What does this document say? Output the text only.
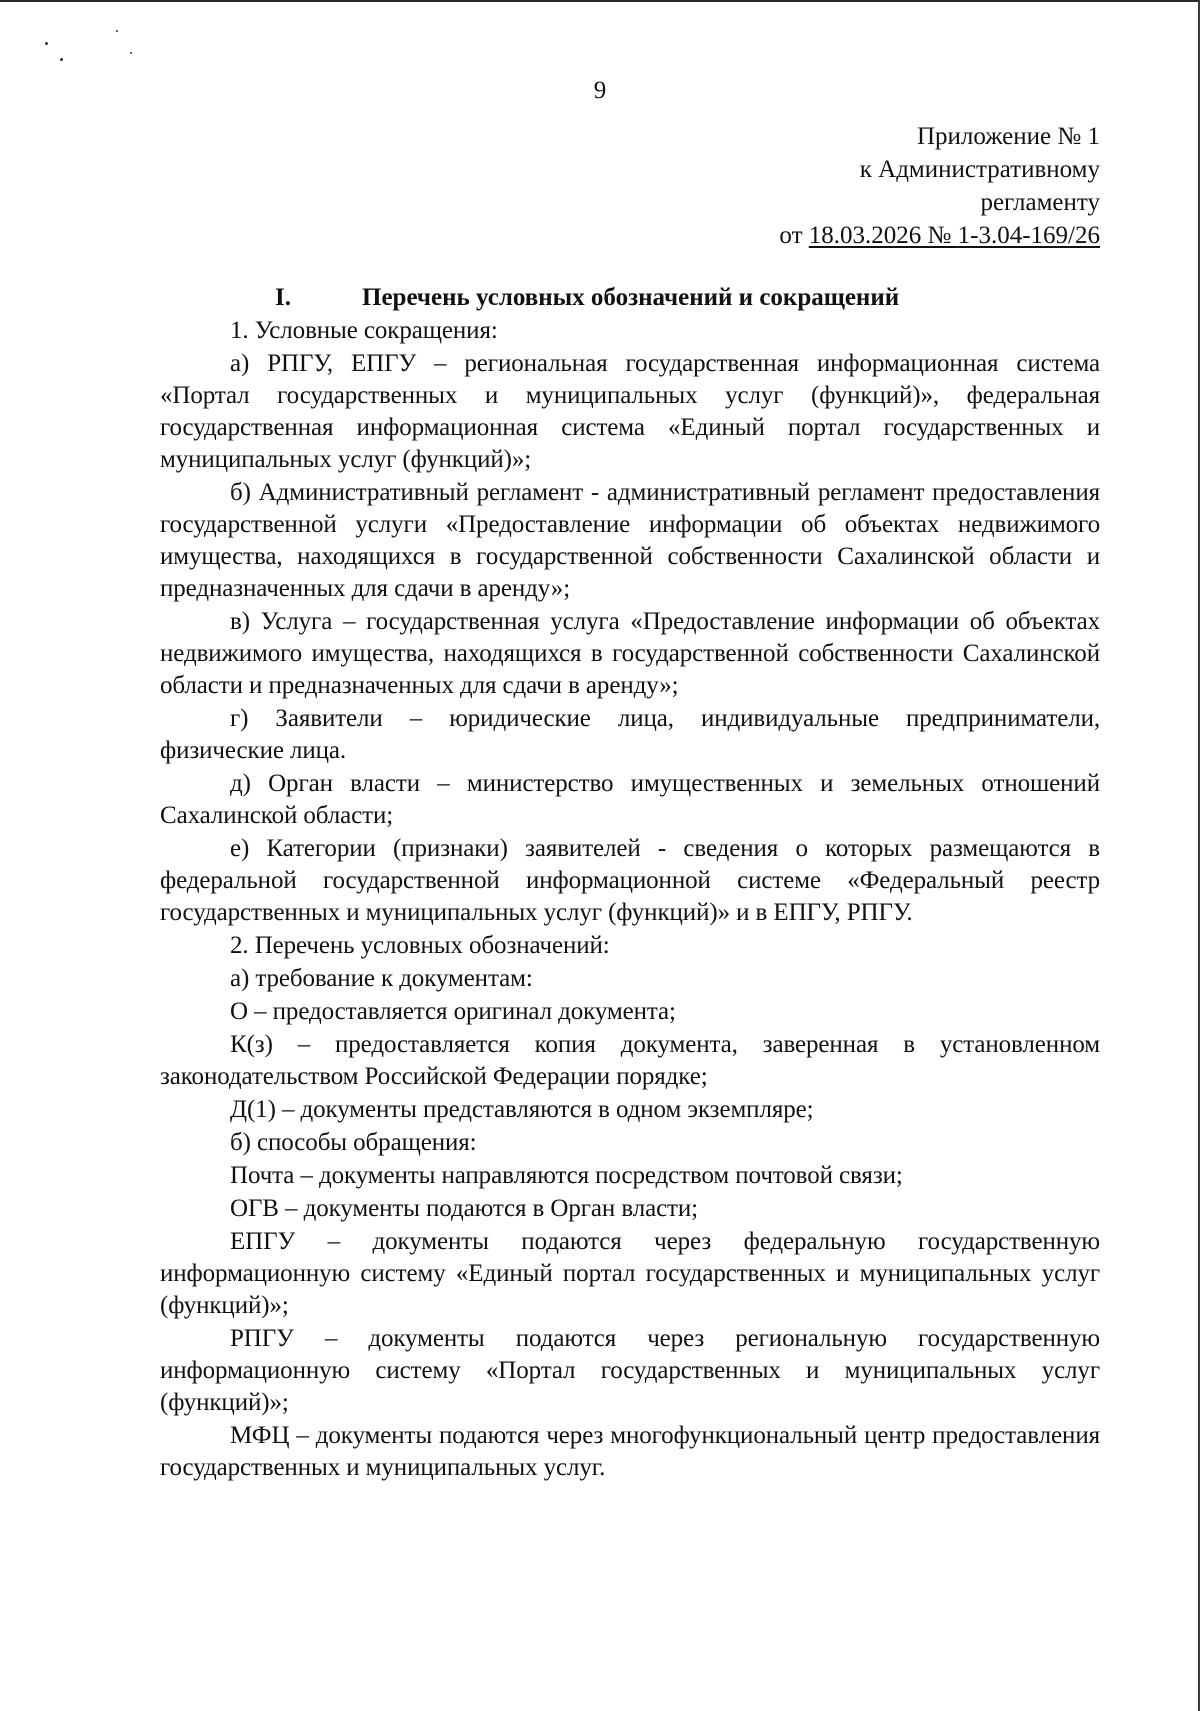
9
Приложение № 1
к Административному
регламенту
от 18.03.2026 № 1-3.04-169/26
I.	Перечень условных обозначений и сокращений
1. Условные сокращения:
а) РПГУ, ЕПГУ – региональная государственная информационная система «Портал государственных и муниципальных услуг (функций)», федеральная государственная информационная система «Единый портал государственных и муниципальных услуг (функций)»;
б) Административный регламент - административный регламент предоставления государственной услуги «Предоставление информации об объектах недвижимого имущества, находящихся в государственной собственности Сахалинской области и предназначенных для сдачи в аренду»;
в) Услуга – государственная услуга «Предоставление информации об объектах недвижимого имущества, находящихся в государственной собственности Сахалинской области и предназначенных для сдачи в аренду»;
г) Заявители – юридические лица, индивидуальные предприниматели, физические лица.
д) Орган власти – министерство имущественных и земельных отношений Сахалинской области;
е) Категории (признаки) заявителей - сведения о которых размещаются в федеральной государственной информационной системе «Федеральный реестр государственных и муниципальных услуг (функций)» и в ЕПГУ, РПГУ.
2. Перечень условных обозначений:
а) требование к документам:
О – предоставляется оригинал документа;
К(з) – предоставляется копия документа, заверенная в установленном законодательством Российской Федерации порядке;
Д(1) – документы представляются в одном экземпляре;
б) способы обращения:
Почта – документы направляются посредством почтовой связи;
ОГВ – документы подаются в Орган власти;
ЕПГУ – документы подаются через федеральную государственную информационную систему «Единый портал государственных и муниципальных услуг (функций)»;
РПГУ – документы подаются через региональную государственную информационную систему «Портал государственных и муниципальных услуг (функций)»;
МФЦ – документы подаются через многофункциональный центр предоставления государственных и муниципальных услуг.
